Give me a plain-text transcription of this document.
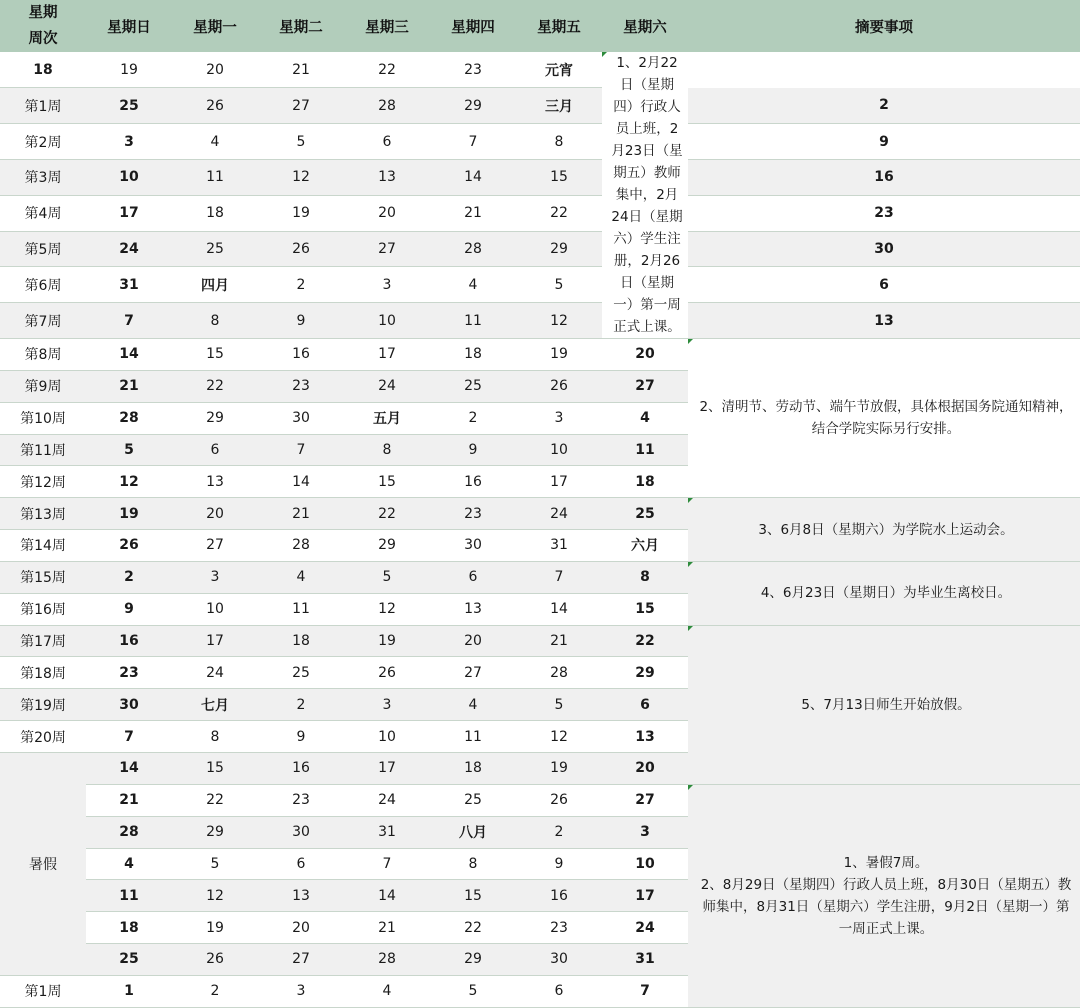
星期
周次	星期日	星期一	星期二	星期三	星期四	星期五	星期六	摘要事项
18	19	20	21	22	23	元宵	1、2月22日（星期四）行政人员上班，2月23日（星期五）教师集中，2月24日（星期六）学生注册，2月26日（星期一）第一周正式上课。	

第1周	25	26	27	28	29	三月		2
第2周	3	4	5	6	7	8		9
第3周	10	11	12	13	14	15		16
第4周	17	18	19	20	21	22		23
第5周	24	25	26	27	28	29		30
第6周	31	四月	2	3	4	5		6
第7周	7	8	9	10	11	12		13
第8周	14	15	16	17	18	19	20	2、清明节、劳动节、端午节放假，具体根据国务院通知精神，结合学院实际另行安排。

第9周	21	22	23	24	25	26	27	
第10周	28	29	30	五月	2	3	4	
第11周	5	6	7	8	9	10	11	
第12周	12	13	14	15	16	17	18	
第13周	19	20	21	22	23	24	25	3、6月8日（星期六）为学院水上运动会。

第14周	26	27	28	29	30	31	六月	
第15周	2	3	4	5	6	7	8	4、6月23日（星期日）为毕业生离校日。

第16周	9	10	11	12	13	14	15	
第17周	16	17	18	19	20	21	22	5、7月13日师生开始放假。

第18周	23	24	25	26	27	28	29	
第19周	30	七月	2	3	4	5	6	
第20周	7	8	9	10	11	12	13	
暑假	14	15	16	17	18	19	20	
	21	22	23	24	25	26	27	1、暑假7周。
2、8月29日（星期四）行政人员上班，8月30日（星期五）教师集中，8月31日（星期六）学生注册，9月2日（星期一）第一周正式上课。

	28	29	30	31	八月	2	3	
	4	5	6	7	8	9	10	
	11	12	13	14	15	16	17	
	18	19	20	21	22	23	24	
	25	26	27	28	29	30	31	
第1周	1	2	3	4	5	6	7	
